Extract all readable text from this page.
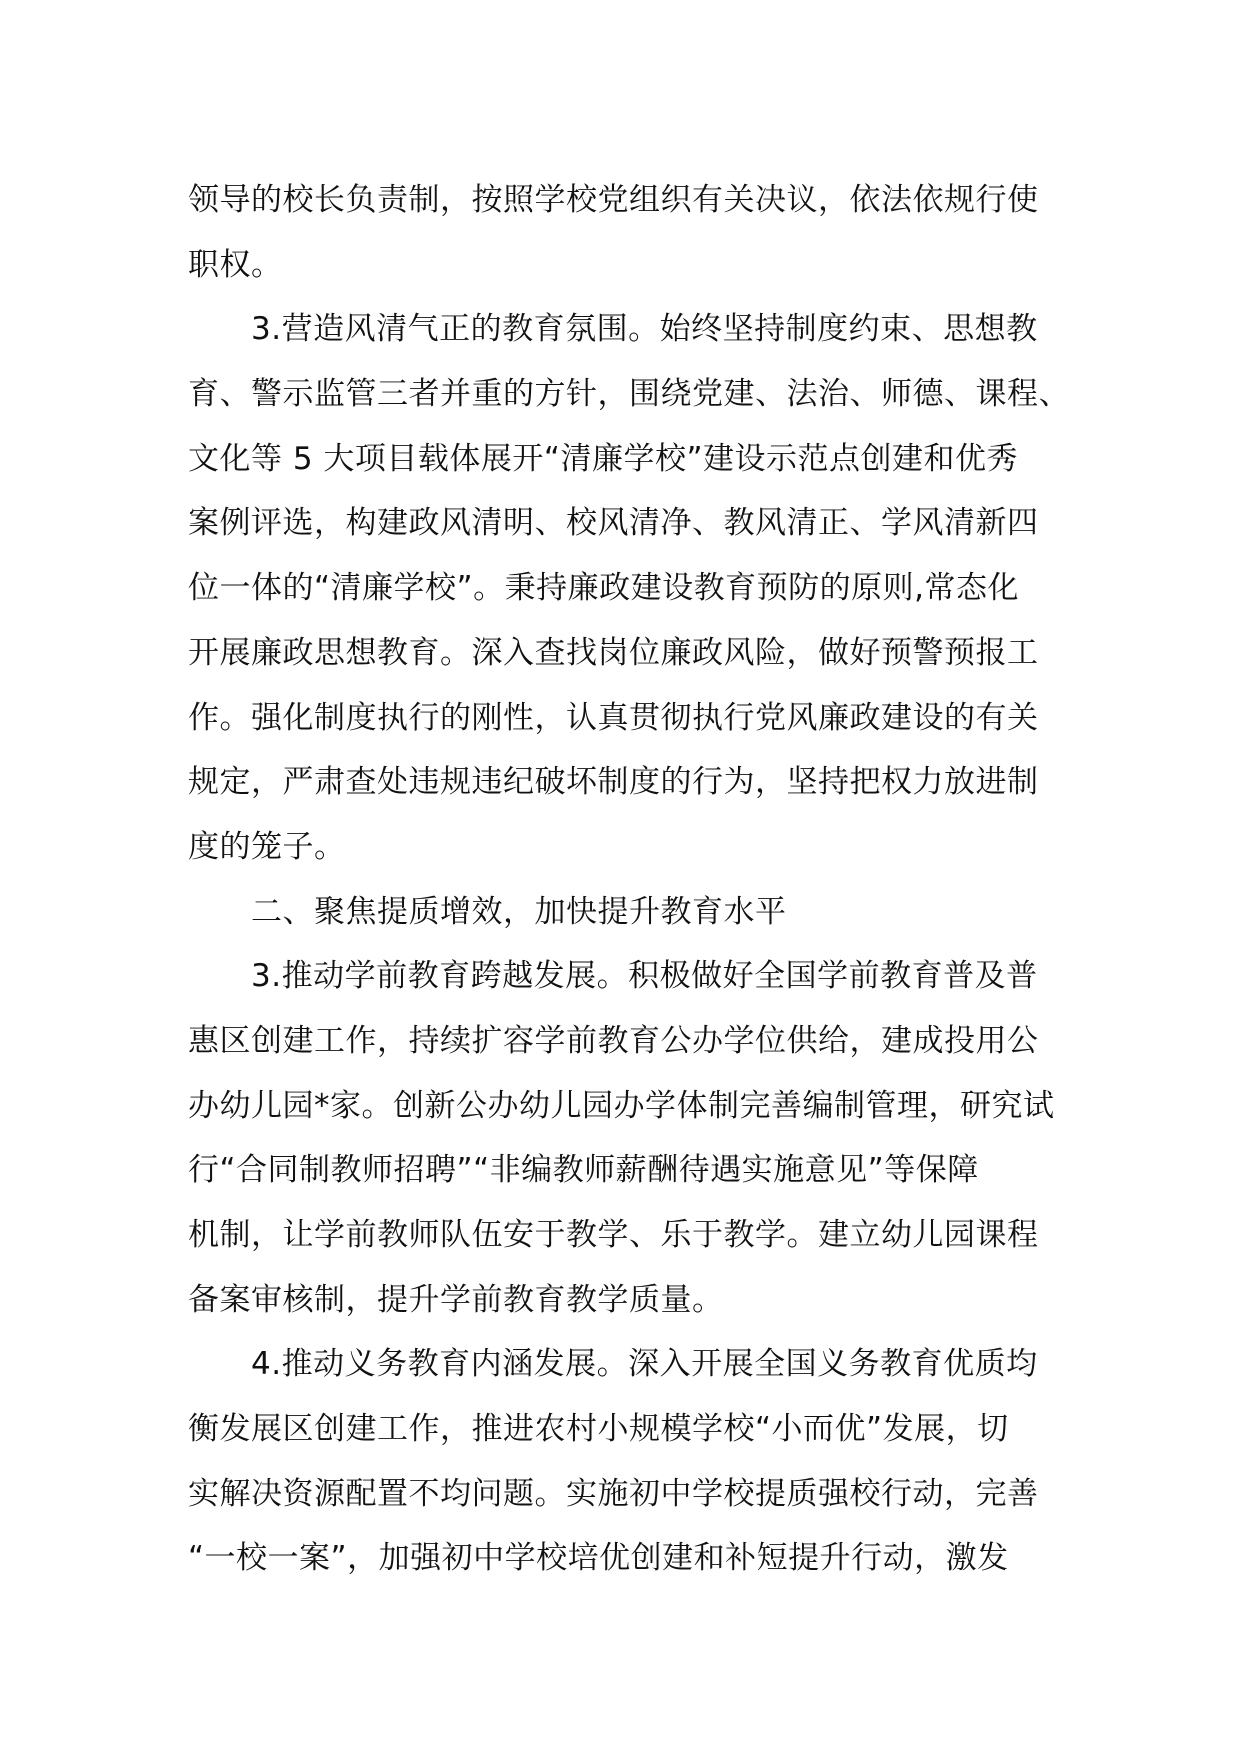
领导的校长负责制，按照学校党组织有关决议，依法依规行使
职权。
3.营造风清气正的教育氛围。始终坚持制度约束、思想教
育、警示监管三者并重的方针，围绕党建、法治、师德、课程、
文化等 5 大项目载体展开“清廉学校”建设示范点创建和优秀
案例评选，构建政风清明、校风清净、教风清正、学风清新四
位一体的“清廉学校”。秉持廉政建设教育预防的原则,常态化
开展廉政思想教育。深入查找岗位廉政风险，做好预警预报工
作。强化制度执行的刚性，认真贯彻执行党风廉政建设的有关
规定，严肃查处违规违纪破坏制度的行为，坚持把权力放进制
度的笼子。
二、聚焦提质增效，加快提升教育水平
3.推动学前教育跨越发展。积极做好全国学前教育普及普
惠区创建工作，持续扩容学前教育公办学位供给，建成投用公
办幼儿园*家。创新公办幼儿园办学体制完善编制管理，研究试
行“合同制教师招聘”“非编教师薪酬待遇实施意见”等保障
机制，让学前教师队伍安于教学、乐于教学。建立幼儿园课程
备案审核制，提升学前教育教学质量。
4.推动义务教育内涵发展。深入开展全国义务教育优质均
衡发展区创建工作，推进农村小规模学校“小而优”发展，切
实解决资源配置不均问题。实施初中学校提质强校行动，完善
“一校一案”，加强初中学校培优创建和补短提升行动，激发
